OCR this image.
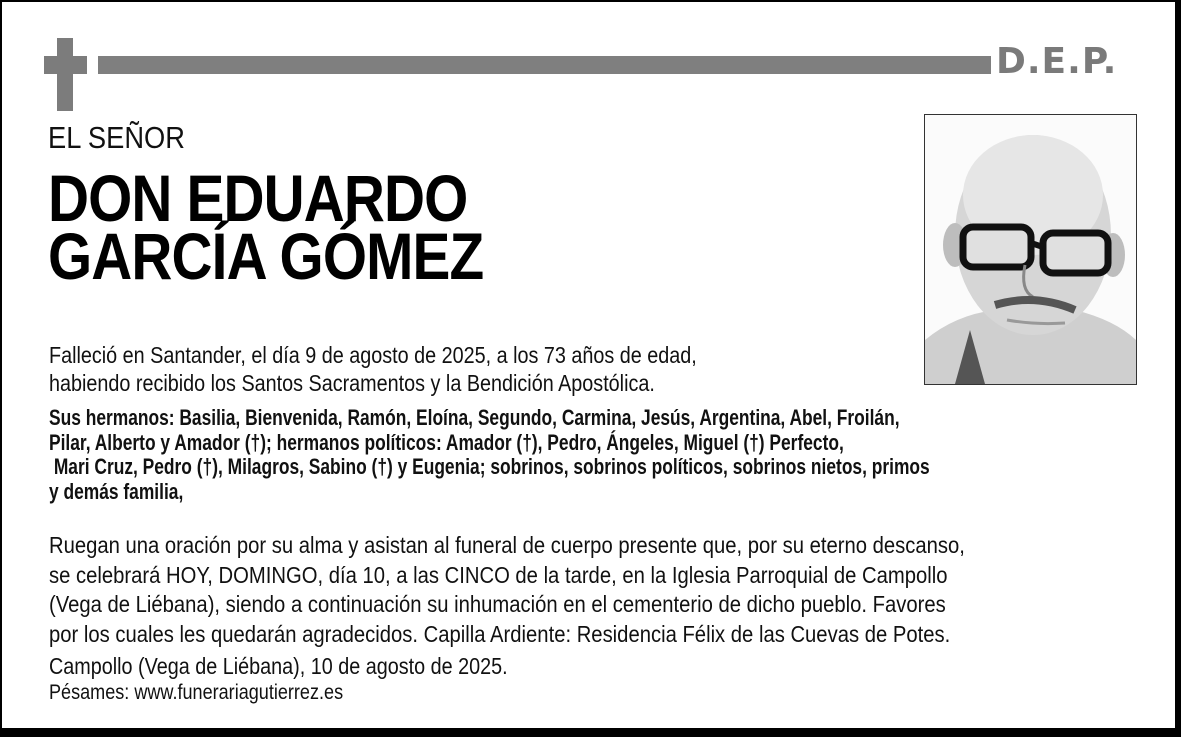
D.E.P.
EL SEÑOR
DON EDUARDO
GARCÍA GÓMEZ
Falleció en Santander, el día 9 de agosto de 2025, a los 73 años de edad,
habiendo recibido los Santos Sacramentos y la Bendición Apostólica.
Sus hermanos: Basilia, Bienvenida, Ramón, Eloína, Segundo, Carmina, Jesús, Argentina, Abel, Froilán,
Pilar, Alberto y Amador (†); hermanos políticos: Amador (†), Pedro, Ángeles, Miguel (†) Perfecto,
Mari Cruz, Pedro (†), Milagros, Sabino (†) y Eugenia; sobrinos, sobrinos políticos, sobrinos nietos, primos
y demás familia,
Ruegan una oración por su alma y asistan al funeral de cuerpo presente que, por su eterno descanso,
se celebrará HOY, DOMINGO, día 10, a las CINCO de la tarde, en la Iglesia Parroquial de Campollo
(Vega de Liébana), siendo a continuación su inhumación en el cementerio de dicho pueblo. Favores
por los cuales les quedarán agradecidos. Capilla Ardiente: Residencia Félix de las Cuevas de Potes.
Campollo (Vega de Liébana), 10 de agosto de 2025.
Pésames: www.funerariagutierrez.es
